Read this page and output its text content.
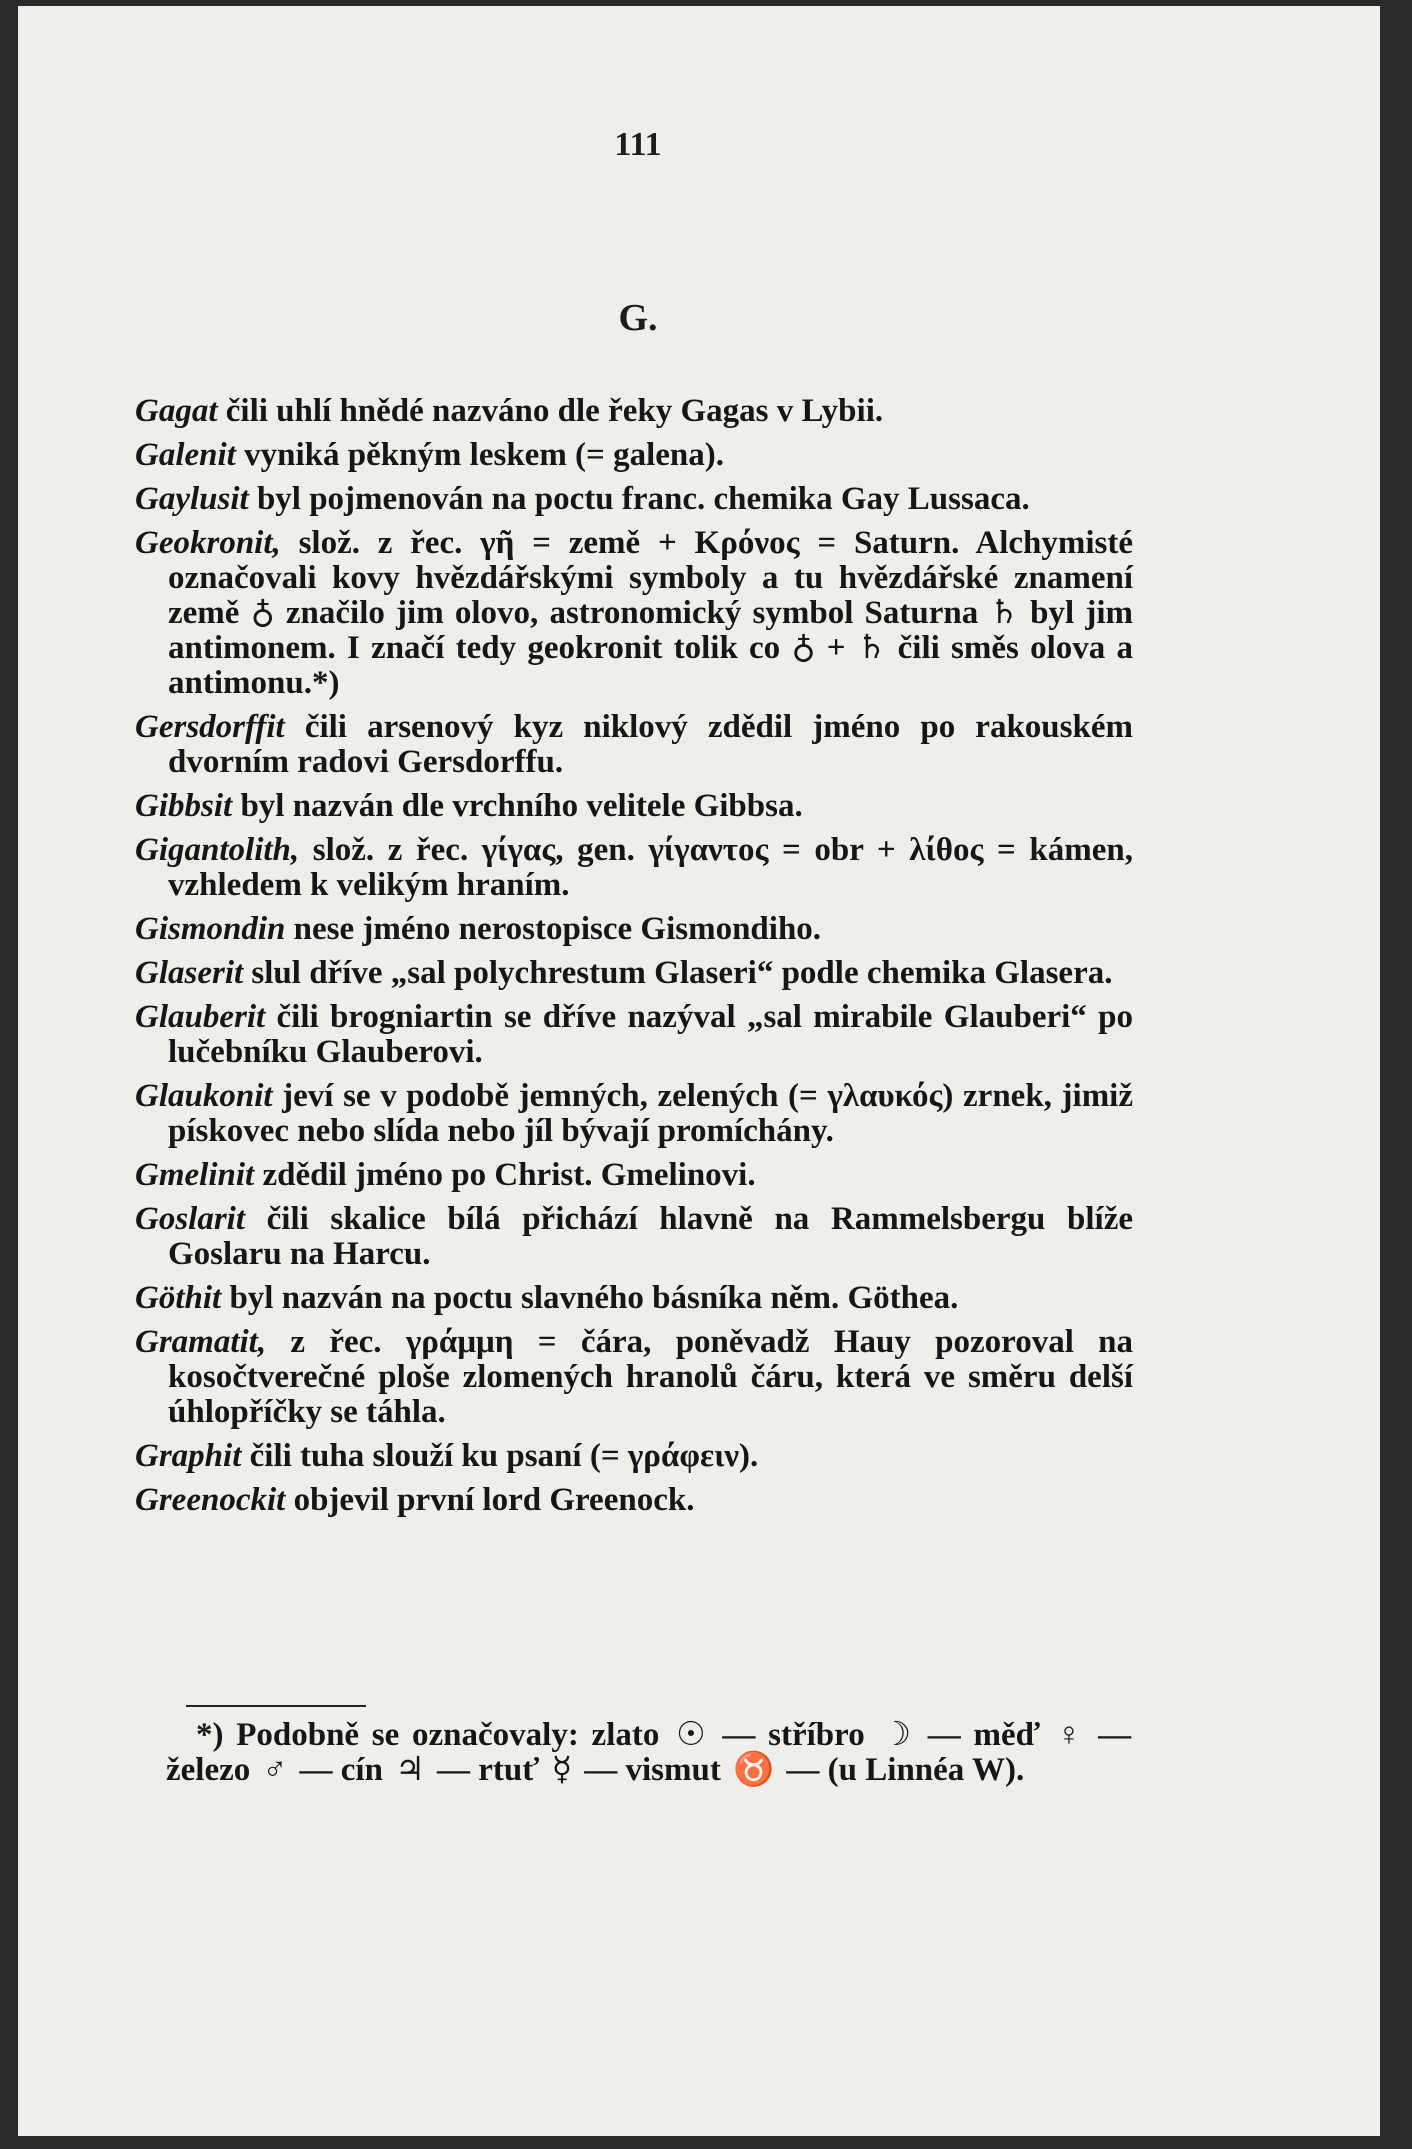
111
G.

Gagat čili uhlí hnědé nazváno dle řeky Gagas v Lybii.

Galenit vyniká pěkným leskem (= galena).

Gaylusit byl pojmenován na poctu franc. chemika Gay Lussaca.

Geokronit, slož. z řec. γῆ = země + Κρόνος = Saturn. Alchymisté označovali kovy hvězdářskými symboly a tu hvězdářské znamení země ♁ značilo jim olovo, astronomický symbol Saturna ♄ byl jim antimonem. I značí tedy geokronit tolik co ♁ + ♄ čili směs olova a antimonu.*)

Gersdorffit čili arsenový kyz niklový zdědil jméno po rakouském dvorním radovi Gersdorffu.

Gibbsit byl nazván dle vrchního velitele Gibbsa.

Gigantolith, slož. z řec. γίγας, gen. γίγαντος = obr + λίθος = kámen, vzhledem k velikým hraním.

Gismondin nese jméno nerostopisce Gismondiho.

Glaserit slul dříve „sal polychrestum Glaseri“ podle chemika Glasera.

Glauberit čili brogniartin se dříve nazýval „sal mirabile Glauberi“ po lučebníku Glauberovi.

Glaukonit jeví se v podobě jemných, zelených (= γλαυκός) zrnek, jimiž pískovec nebo slída nebo jíl bývají promíchány.

Gmelinit zdědil jméno po Christ. Gmelinovi.

Goslarit čili skalice bílá přichází hlavně na Rammelsbergu blíže Goslaru na Harcu.

Göthit byl nazván na poctu slavného básníka něm. Göthea.

Gramatit, z řec. γράμμη = čára, poněvadž Hauy pozoroval na kosočtverečné ploše zlomených hranolů čáru, která ve směru delší úhlopříčky se táhla.

Graphit čili tuha slouží ku psaní (= γράφειν).

Greenockit objevil první lord Greenock.

*) Podobně se označovaly: zlato ☉ — stříbro ☽ — měď ♀ — železo ♂ — cín ♃ — rtuť ☿ — vismut ♉ — (u Linnéa W).
